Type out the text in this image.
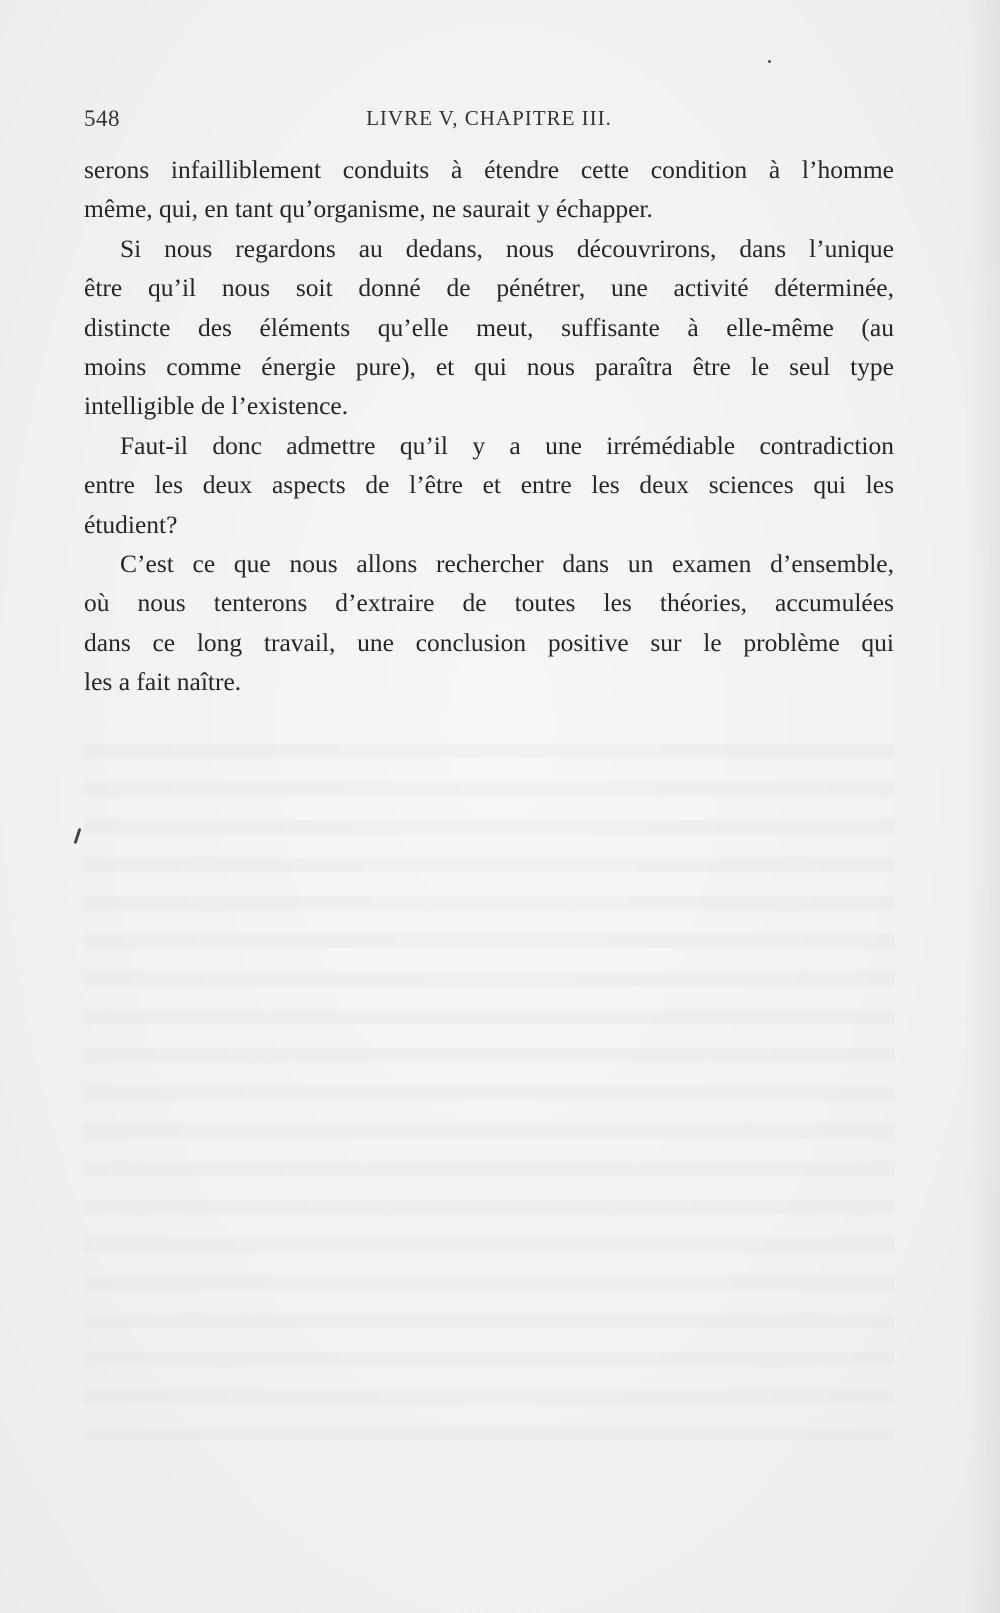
548	LIVRE V, CHAPITRE III.
serons infailliblement conduits à étendre cette condition à l’homme
même, qui, en tant qu’organisme, ne saurait y échapper.
Si nous regardons au dedans, nous découvrirons, dans l’unique
être qu’il nous soit donné de pénétrer, une activité déterminée,
distincte des éléments qu’elle meut, suffisante à elle-même (au
moins comme énergie pure), et qui nous paraîtra être le seul type
intelligible de l’existence.
Faut-il donc admettre qu’il y a une irrémédiable contradiction
entre les deux aspects de l’être et entre les deux sciences qui les
étudient?
C’est ce que nous allons rechercher dans un examen d’ensemble,
où nous tenterons d’extraire de toutes les théories, accumulées
dans ce long travail, une conclusion positive sur le problème qui
les a fait naître.
